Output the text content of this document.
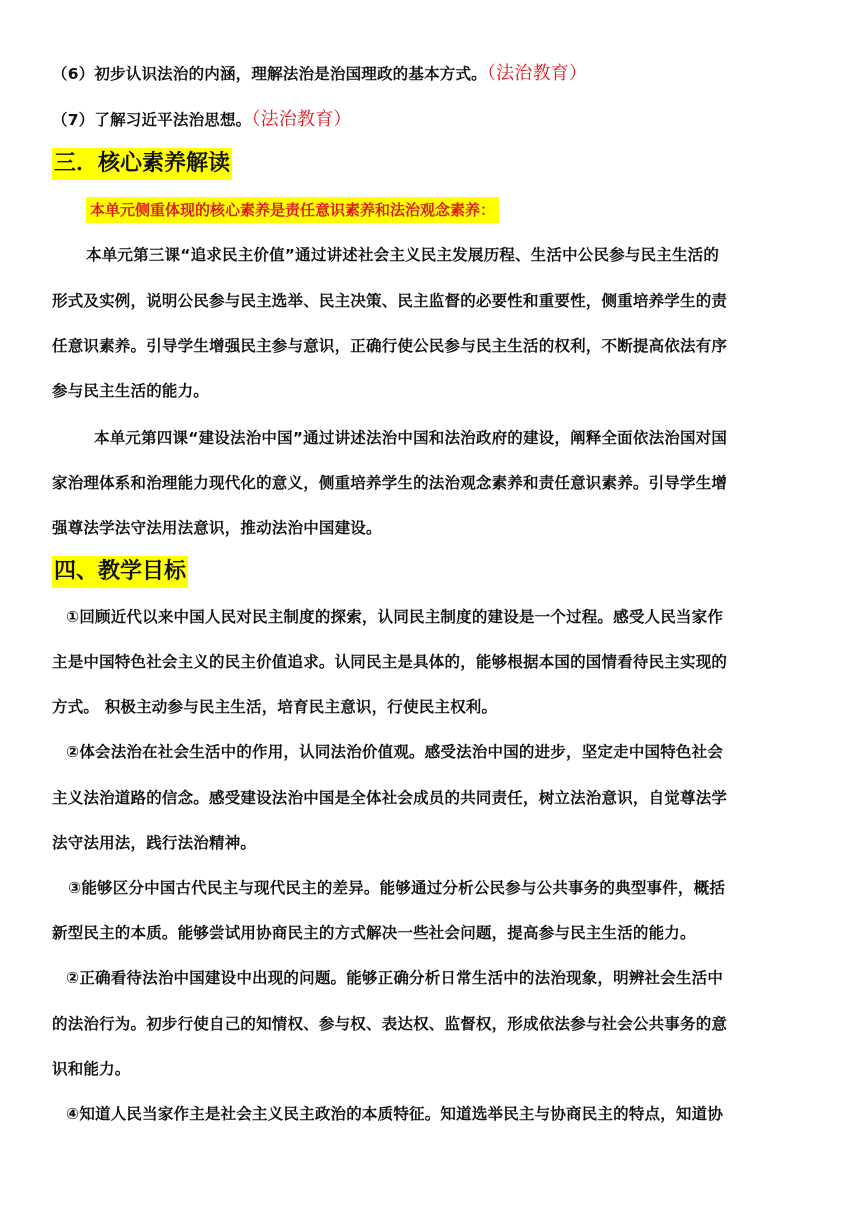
（6）初步认识法治的内涵，理解法治是治国理政的基本方式。（法治教育）
（7）了解习近平法治思想。（法治教育）
三．核心素养解读
本单元侧重体现的核心素养是责任意识素养和法治观念素养：
本单元第三课“追求民主价值”通过讲述社会主义民主发展历程、生活中公民参与民主生活的
形式及实例，说明公民参与民主选举、民主决策、民主监督的必要性和重要性，侧重培养学生的责
任意识素养。引导学生增强民主参与意识，正确行使公民参与民主生活的权利，不断提高依法有序
参与民主生活的能力。
本单元第四课“建设法治中国”通过讲述法治中国和法治政府的建设，阐释全面依法治国对国
家治理体系和治理能力现代化的意义，侧重培养学生的法治观念素养和责任意识素养。引导学生增
强尊法学法守法用法意识，推动法治中国建设。
四、教学目标
①回顾近代以来中国人民对民主制度的探索，认同民主制度的建设是一个过程。感受人民当家作
主是中国特色社会主义的民主价值追求。认同民主是具体的，能够根据本国的国情看待民主实现的
方式。 积极主动参与民主生活，培育民主意识，行使民主权利。
②体会法治在社会生活中的作用，认同法治价值观。感受法治中国的进步，坚定走中国特色社会
主义法治道路的信念。感受建设法治中国是全体社会成员的共同责任，树立法治意识，自觉尊法学
法守法用法，践行法治精神。
③能够区分中国古代民主与现代民主的差异。能够通过分析公民参与公共事务的典型事件，概括
新型民主的本质。能够尝试用协商民主的方式解决一些社会问题，提高参与民主生活的能力。
②正确看待法治中国建设中出现的问题。能够正确分析日常生活中的法治现象，明辨社会生活中
的法治行为。初步行使自己的知情权、参与权、表达权、监督权，形成依法参与社会公共事务的意
识和能力。
④知道人民当家作主是社会主义民主政治的本质特征。知道选举民主与协商民主的特点，知道协
